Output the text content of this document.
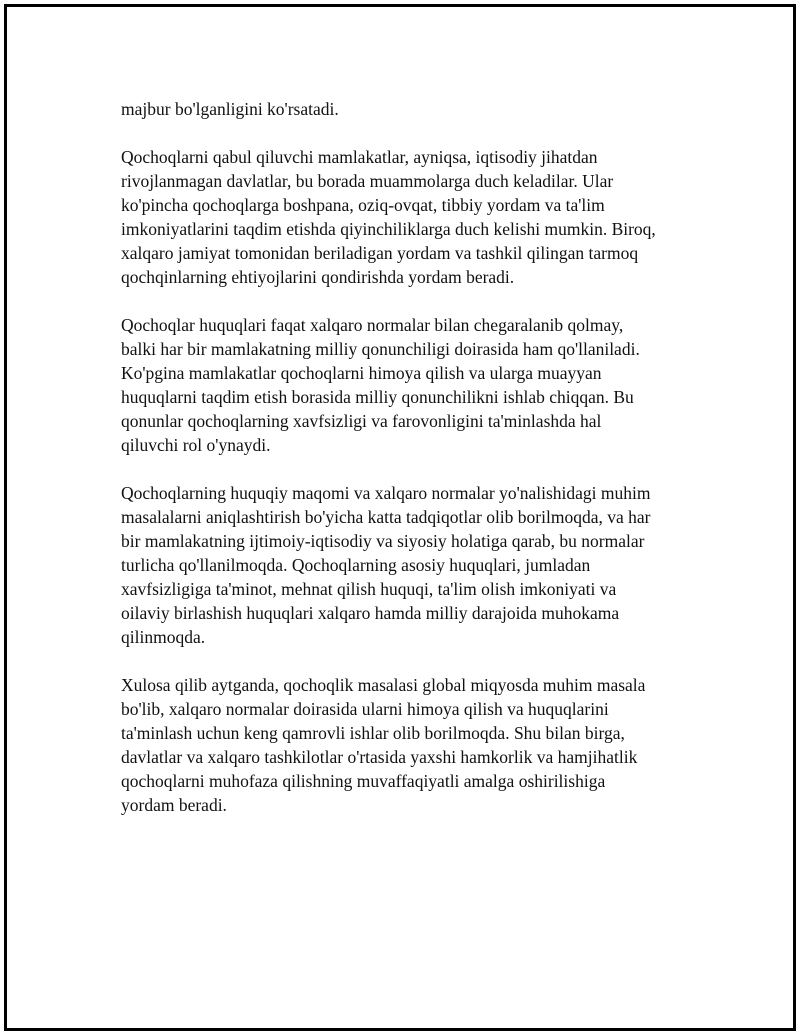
majbur bo'lganligini ko'rsatadi.

Qochoqlarni qabul qiluvchi mamlakatlar, ayniqsa, iqtisodiy jihatdan
rivojlanmagan davlatlar, bu borada muammolarga duch keladilar. Ular
ko'pincha qochoqlarga boshpana, oziq-ovqat, tibbiy yordam va ta'lim
imkoniyatlarini taqdim etishda qiyinchiliklarga duch kelishi mumkin. Biroq,
xalqaro jamiyat tomonidan beriladigan yordam va tashkil qilingan tarmoq
qochqinlarning ehtiyojlarini qondirishda yordam beradi.

Qochoqlar huquqlari faqat xalqaro normalar bilan chegaralanib qolmay,
balki har bir mamlakatning milliy qonunchiligi doirasida ham qo'llaniladi.
Ko'pgina mamlakatlar qochoqlarni himoya qilish va ularga muayyan
huquqlarni taqdim etish borasida milliy qonunchilikni ishlab chiqqan. Bu
qonunlar qochoqlarning xavfsizligi va farovonligini ta'minlashda hal
qiluvchi rol o'ynaydi.

Qochoqlarning huquqiy maqomi va xalqaro normalar yo'nalishidagi muhim
masalalarni aniqlashtirish bo'yicha katta tadqiqotlar olib borilmoqda, va har
bir mamlakatning ijtimoiy-iqtisodiy va siyosiy holatiga qarab, bu normalar
turlicha qo'llanilmoqda. Qochoqlarning asosiy huquqlari, jumladan
xavfsizligiga ta'minot, mehnat qilish huquqi, ta'lim olish imkoniyati va
oilaviy birlashish huquqlari xalqaro hamda milliy darajoida muhokama
qilinmoqda.

Xulosa qilib aytganda, qochoqlik masalasi global miqyosda muhim masala
bo'lib, xalqaro normalar doirasida ularni himoya qilish va huquqlarini
ta'minlash uchun keng qamrovli ishlar olib borilmoqda. Shu bilan birga,
davlatlar va xalqaro tashkilotlar o'rtasida yaxshi hamkorlik va hamjihatlik
qochoqlarni muhofaza qilishning muvaffaqiyatli amalga oshirilishiga
yordam beradi.
